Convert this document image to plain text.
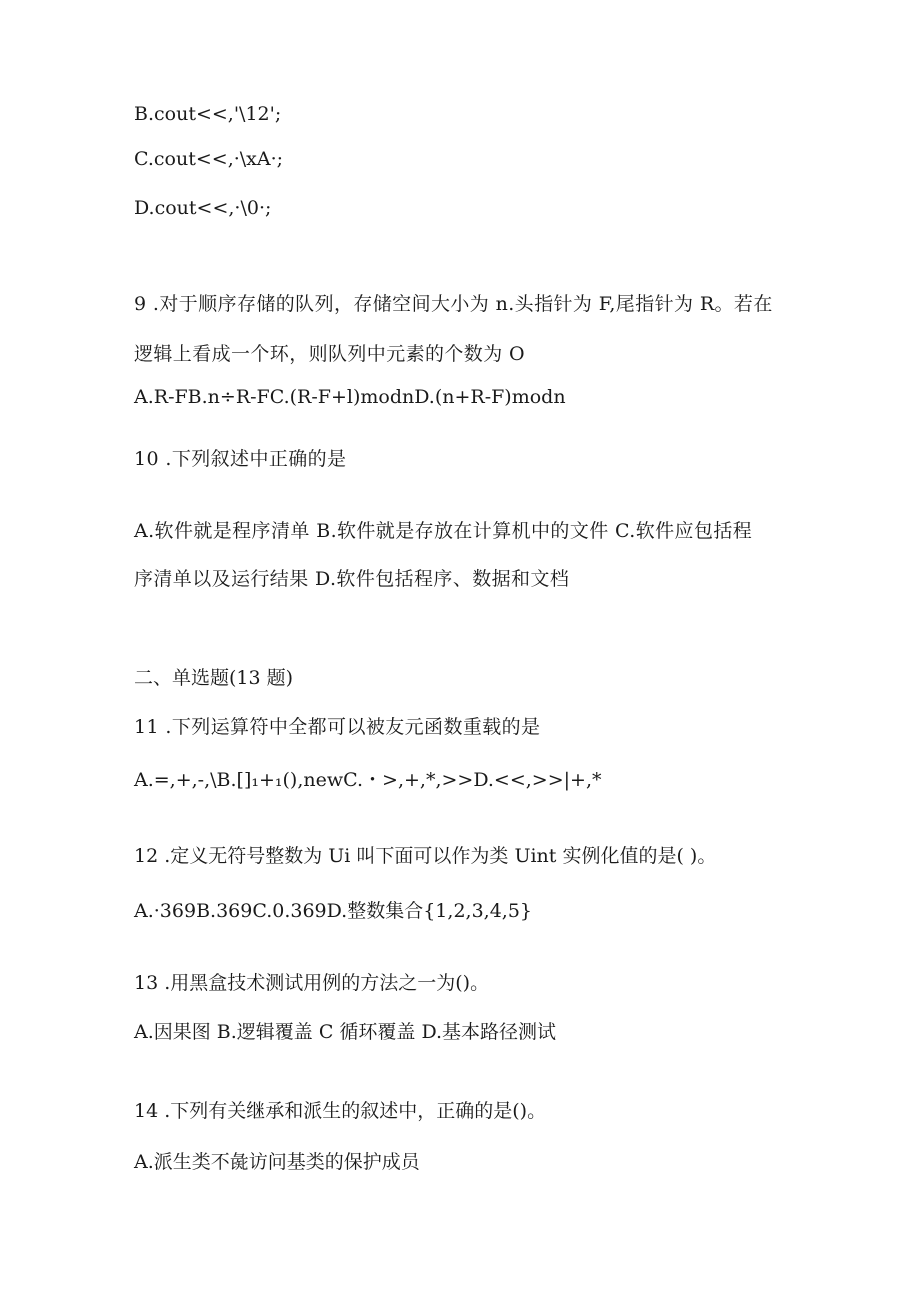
B.cout<<,'\12';
C.cout<<,·\xA·;
D.cout<<,·\0·;
9 .对于顺序存储的队列，存储空间大小为 n.头指针为 F,尾指针为 R。若在
逻辑上看成一个环，则队列中元素的个数为 O
A.R-FB.n÷R-FC.(R-F+l)modnD.(n+R-F)modn
10 .下列叙述中正确的是
A.软件就是程序清单 B.软件就是存放在计算机中的文件 C.软件应包括程
序清单以及运行结果 D.软件包括程序、数据和文档
二、单选题(13 题)
11 .下列运算符中全都可以被友元函数重载的是
A.=,+,-,\B.[]₁+₁(),newC.・>,+,*,>>D.<<,>>|+,*
12 .定义无符号整数为 Ui 叫下面可以作为类 Uint 实例化值的是( )。
A.·369B.369C.0.369D.整数集合{1,2,3,4,5}
13 .用黑盒技术测试用例的方法之一为()。
A.因果图 B.逻辑覆盖 C 循环覆盖 D.基本路径测试
14 .下列有关继承和派生的叙述中，正确的是()。
A.派生类不彘访问基类的保护成员
